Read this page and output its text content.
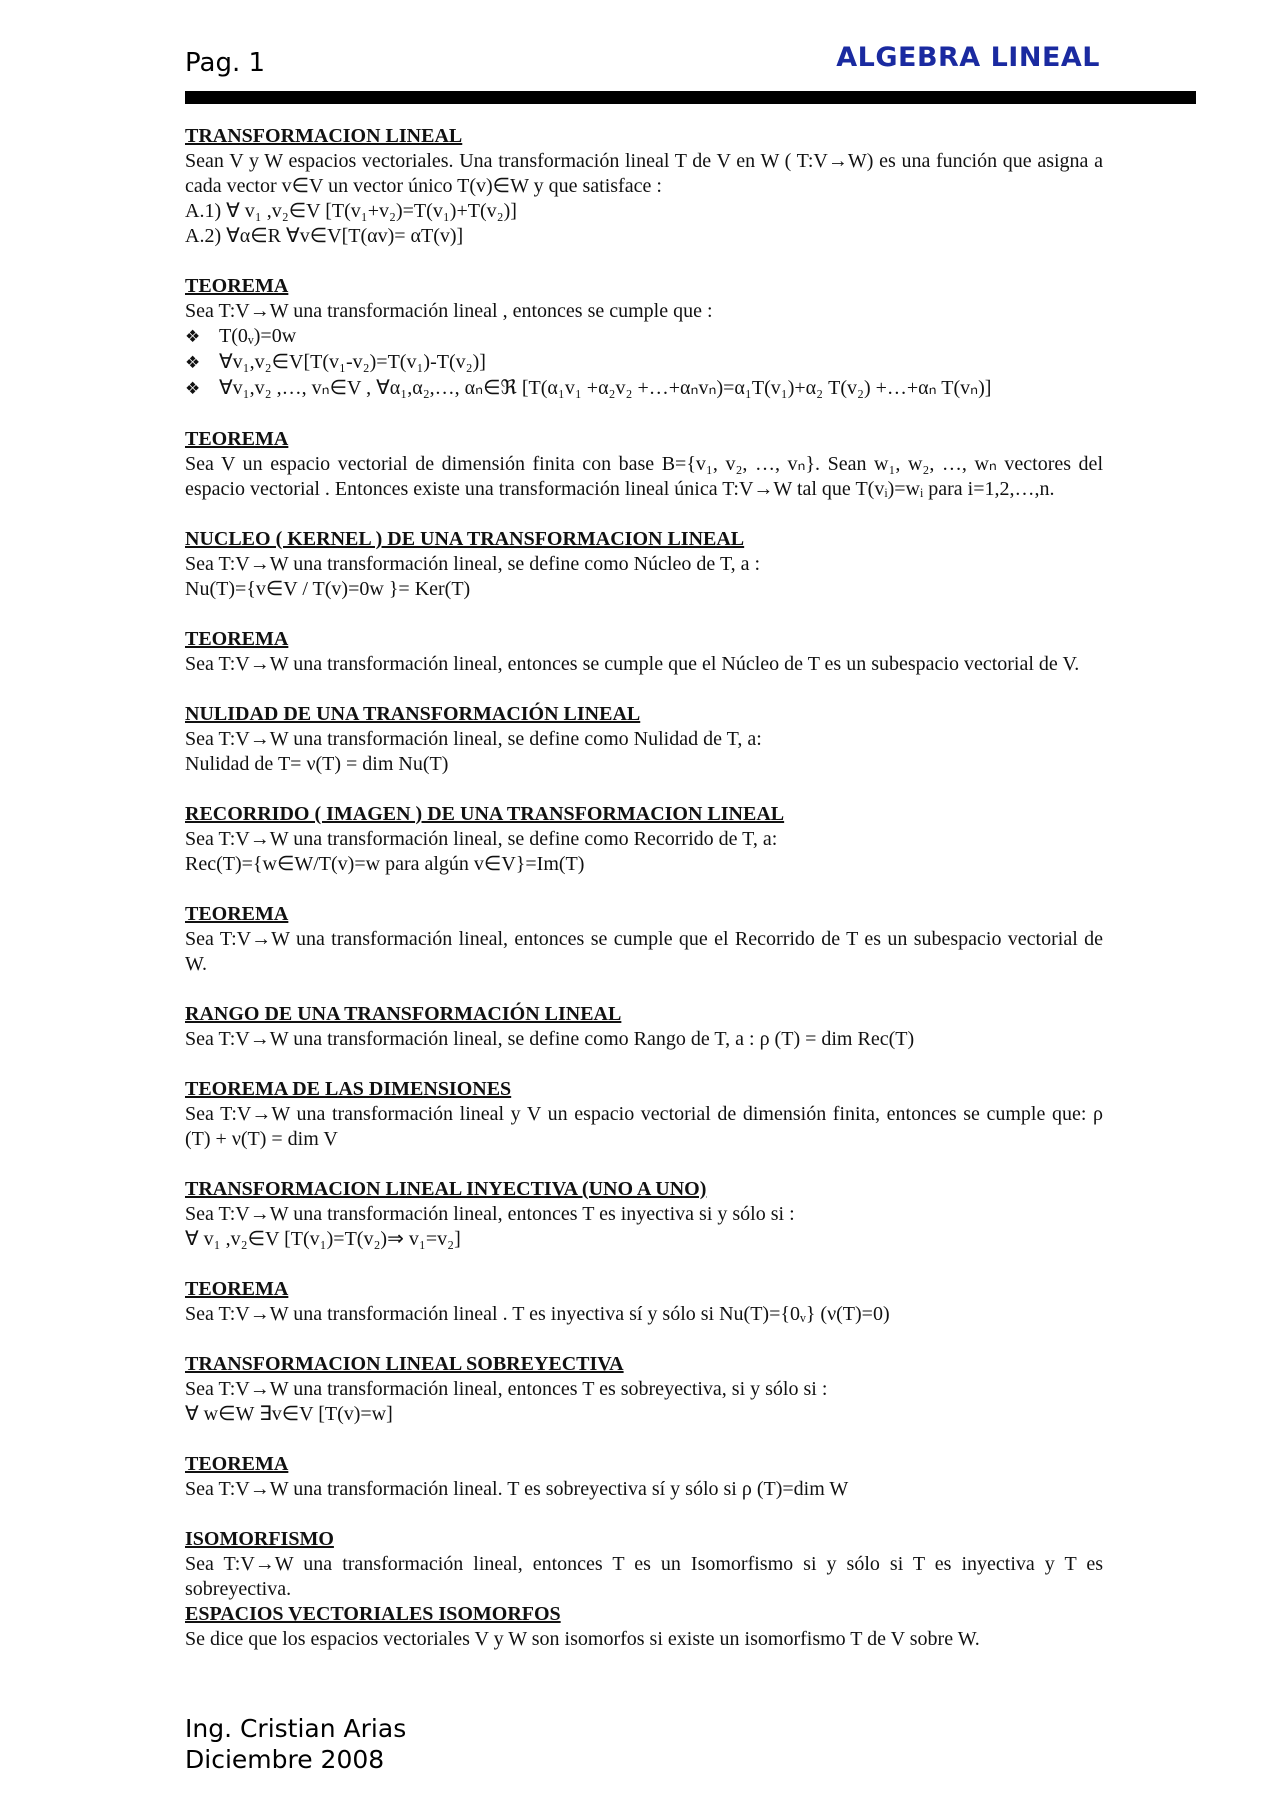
Pag. 1	ALGEBRA LINEAL
TRANSFORMACION LINEAL
Sean V y W espacios vectoriales. Una transformación lineal T de V en W ( T:V→W) es una función que asigna a cada vector v∈V un vector único T(v)∈W y que satisface :
A.1) ∀ v₁ ,v₂∈V [T(v₁+v₂)=T(v₁)+T(v₂)]
A.2) ∀α∈R ∀v∈V[T(αv)= αT(v)]
TEOREMA
Sea T:V→W una transformación lineal , entonces se cumple que :
❖ T(0ᵥ)=0w
❖ ∀v₁,v₂∈V[T(v₁-v₂)=T(v₁)-T(v₂)]
❖ ∀v₁,v₂ ,…, vₙ∈V , ∀α₁,α₂,…, αₙ∈ℜ [T(α₁v₁ +α₂v₂ +…+αₙvₙ)=α₁T(v₁)+α₂ T(v₂) +…+αₙ T(vₙ)]
TEOREMA
Sea V un espacio vectorial de dimensión finita con base B={v₁, v₂, …, vₙ}. Sean w₁, w₂, …, wₙ vectores del espacio vectorial . Entonces existe una transformación lineal única T:V→W tal que T(vᵢ)=wᵢ para i=1,2,…,n.
NUCLEO ( KERNEL ) DE UNA TRANSFORMACION LINEAL
Sea T:V→W una transformación lineal, se define como Núcleo de T, a :
Nu(T)={v∈V / T(v)=0w }= Ker(T)
TEOREMA
Sea T:V→W una transformación lineal, entonces se cumple que el Núcleo de T es un subespacio vectorial de V.
NULIDAD DE UNA TRANSFORMACIÓN LINEAL
Sea T:V→W una transformación lineal, se define como Nulidad de T, a:
Nulidad de T= ν(T) = dim Nu(T)
RECORRIDO ( IMAGEN ) DE UNA TRANSFORMACION LINEAL
Sea T:V→W una transformación lineal, se define como Recorrido de T, a:
Rec(T)={w∈W/T(v)=w para algún v∈V}=Im(T)
TEOREMA
Sea T:V→W una transformación lineal, entonces se cumple que el Recorrido de T es un subespacio vectorial de W.
RANGO DE UNA TRANSFORMACIÓN LINEAL
Sea T:V→W una transformación lineal, se define como Rango de T, a : ρ (T) = dim Rec(T)
TEOREMA DE LAS DIMENSIONES
Sea T:V→W una transformación lineal y V un espacio vectorial de dimensión finita, entonces se cumple que: ρ (T) + ν(T) = dim V
TRANSFORMACION LINEAL INYECTIVA (UNO A UNO)
Sea T:V→W una transformación lineal, entonces T es inyectiva si y sólo si :
∀ v₁ ,v₂∈V [T(v₁)=T(v₂)⇒ v₁=v₂]
TEOREMA
Sea T:V→W una transformación lineal . T es inyectiva sí y sólo si Nu(T)={0ᵥ} (ν(T)=0)
TRANSFORMACION LINEAL SOBREYECTIVA
Sea T:V→W una transformación lineal, entonces T es sobreyectiva, si y sólo si :
∀ w∈W ∃v∈V [T(v)=w]
TEOREMA
Sea T:V→W una transformación lineal. T es sobreyectiva sí y sólo si ρ (T)=dim W
ISOMORFISMO
Sea T:V→W una transformación lineal, entonces T es un Isomorfismo si y sólo si T es inyectiva y T es sobreyectiva.
ESPACIOS VECTORIALES ISOMORFOS
Se dice que los espacios vectoriales V y W son isomorfos si existe un isomorfismo T de V sobre W.
Ing. Cristian Arias
Diciembre 2008
